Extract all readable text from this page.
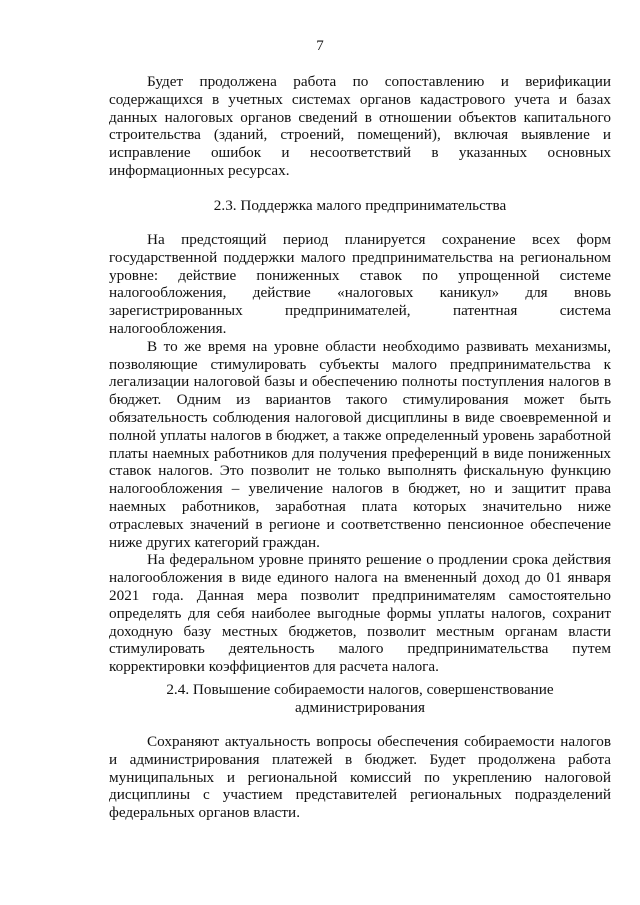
7

Будет продолжена работа по сопоставлению и верификации содержащихся в учетных системах органов кадастрового учета и базах данных налоговых органов сведений в отношении объектов капитального строительства (зданий, строений, помещений), включая выявление и исправление ошибок и несоответствий в указанных основных информационных ресурсах.

2.3. Поддержка малого предпринимательства

На предстоящий период планируется сохранение всех форм государственной поддержки малого предпринимательства на региональном уровне: действие пониженных ставок по упрощенной системе налогообложения, действие «налоговых каникул» для вновь зарегистрированных предпринимателей, патентная система налогообложения.

В то же время на уровне области необходимо развивать механизмы, позволяющие стимулировать субъекты малого предпринимательства к легализации налоговой базы и обеспечению полноты поступления налогов в бюджет. Одним из вариантов такого стимулирования может быть обязательность соблюдения налоговой дисциплины в виде своевременной и полной уплаты налогов в бюджет, а также определенный уровень заработной платы наемных работников для получения преференций в виде пониженных ставок налогов. Это позволит не только выполнять фискальную функцию налогообложения – увеличение налогов в бюджет, но и защитит права наемных работников, заработная плата которых значительно ниже отраслевых значений в регионе и соответственно пенсионное обеспечение ниже других категорий граждан.

На федеральном уровне принято решение о продлении срока действия налогообложения в виде единого налога на вмененный доход до 01 января 2021 года. Данная мера позволит предпринимателям самостоятельно определять для себя наиболее выгодные формы уплаты налогов, сохранит доходную базу местных бюджетов, позволит местным органам власти стимулировать деятельность малого предпринимательства путем корректировки коэффициентов для расчета налога.

2.4. Повышение собираемости налогов, совершенствование
администрирования

Сохраняют актуальность вопросы обеспечения собираемости налогов и администрирования платежей в бюджет. Будет продолжена работа муниципальных и региональной комиссий по укреплению налоговой дисциплины с участием представителей региональных подразделений федеральных органов власти.
